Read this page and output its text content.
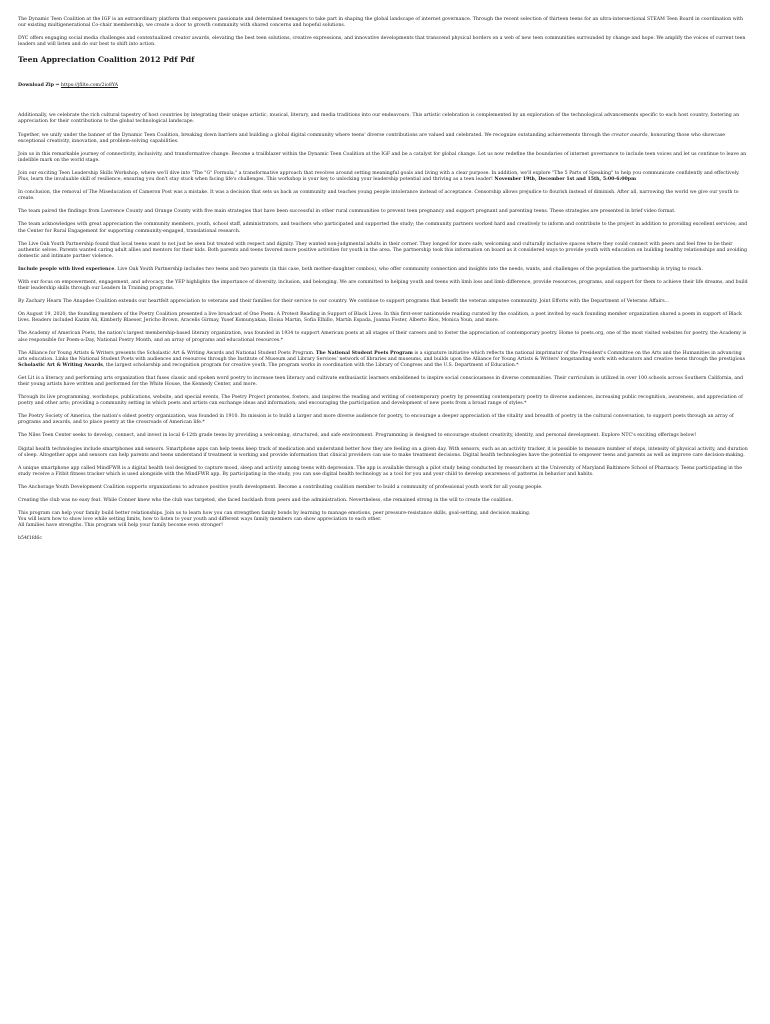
The Dynamic Teen Coalition at the IGF is an extraordinary platform that empowers passionate and determined teenagers to take part in shaping the global landscape of internet governance. Through the recent selection of thirteen teens for an ultra-intersectional STEAM Teen Board in coordination with our existing multigenerational Co-chair membership, we create a door to growth community with shared concerns and hopeful solutions.

DYC offers engaging social media challenges and contextualized creator awards, elevating the best teen solutions, creative expressions, and innovative developments that transcend physical borders on a web of new teen communities surrounded by change and hope. We amplify the voices of current teen leaders and will listen and do our best to shift into action.

Teen Appreciation Coalition 2012 Pdf Pdf
Download Zip ⇒ https://jfilte.com/2io8YA

Additionally, we celebrate the rich cultural tapestry of host countries by integrating their unique artistic, musical, literary, and media traditions into our endeavours. This artistic celebration is complemented by an exploration of the technological advancements specific to each host country, fostering an appreciation for their contributions to the global technological landscape.

Together, we unify under the banner of the Dynamic Teen Coalition, breaking down barriers and building a global digital community where teens' diverse contributions are valued and celebrated. We recognize outstanding achievements through the creator awards, honouring those who showcase exceptional creativity, innovation, and problem-solving capabilities.

Join us in this remarkable journey of connectivity, inclusivity, and transformative change. Become a trailblazer within the Dynamic Teen Coalition at the IGF and be a catalyst for global change. Let us now redefine the boundaries of internet governance to include teen voices and let us continue to leave an indelible mark on the world stage.

Join our exciting Teen Leadership Skills Workshop, where we'll dive into "The "G" Formula," a transformative approach that revolves around setting meaningful goals and living with a clear purpose. In addition, we'll explore "The 5 Parts of Speaking" to help you communicate confidently and effectively. Plus, learn the invaluable skill of resilience, ensuring you don't stay stuck when facing life's challenges. This workshop is your key to unlocking your leadership potential and thriving as a teen leader! November 19th, December 1st and 15th, 5:00-6:00pm

In conclusion, the removal of The Miseducation of Cameron Post was a mistake. It was a decision that sets us back as community and teaches young people intolerance instead of acceptance. Censorship allows prejudice to flourish instead of diminish. After all, narrowing the world we give our youth to create.

The team paired the findings from Lawrence County and Orange County with five main strategies that have been successful in other rural communities to prevent teen pregnancy and support pregnant and parenting teens. These strategies are presented in brief video format.

The team acknowledges with great appreciation the community members, youth, school staff, administrators, and teachers who participated and supported the study; the community partners worked hard and creatively to inform and contribute to the project in addition to providing excellent services; and the Center for Rural Engagement for supporting community-engaged, translational research.

The Live Oak Youth Partnership found that local teens want to not just be seen but treated with respect and dignity. They wanted non-judgmental adults in their corner. They longed for more safe, welcoming and culturally inclusive spaces where they could connect with peers and feel free to be their authentic selves. Parents wanted caring adult allies and mentors for their kids. Both parents and teens favored more positive activities for youth in the area. The partnership took this information on board as it considered ways to provide youth with education on building healthy relationships and avoiding domestic and intimate partner violence.

Include people with lived experience. Live Oak Youth Partnership includes two teens and two parents (in this case, both mother-daughter combos), who offer community connection and insights into the needs, wants, and challenges of the population the partnership is trying to reach.

With our focus on empowerment, engagement, and advocacy, the YEP highlights the importance of diversity, inclusion, and belonging. We are committed to helping youth and teens with limb loss and limb difference, provide resources, programs, and support for them to achieve their life dreams, and build their leadership skills through our Leaders In Training programs.

By Zachary Hearn The Anapdee Coalition extends our heartfelt appreciation to veterans and their families for their service to our country. We continue to support programs that benefit the veteran amputee community. Joint Efforts with the Department of Veterans Affairs...

On August 19, 2020, the founding members of the Poetry Coalition presented a live broadcast of One Poem: A Protest Reading in Support of Black Lives. In this first-ever nationwide reading curated by the coalition, a poet invited by each founding member organization shared a poem in support of Black lives. Readers included Kazim Ali, Kimberly Blaeser, Jericho Brown, Aracelis Girmay, Yusef Komunyakaa, Eloisa Martin, Sofia Elhillo, Martín Espada, Joanna Foster, Alberto Ríos, Monica Youn, and more.

The Academy of American Poets, the nation's largest membership-based literary organization, was founded in 1934 to support American poets at all stages of their careers and to foster the appreciation of contemporary poetry. Home to poets.org, one of the most visited websites for poetry, the Academy is also responsible for Poem-a-Day, National Poetry Month, and an array of programs and educational resources.*

The Alliance for Young Artists & Writers presents the Scholastic Art & Writing Awards and National Student Poets Program. The National Student Poets Program is a signature initiative which reflects the national imprimatur of the President's Committee on the Arts and the Humanities in advancing arts education. Links the National Student Poets with audiences and resources through the Institute of Museum and Library Services' network of libraries and museums, and builds upon the Alliance for Young Artists & Writers' longstanding work with educators and creative teens through the prestigious Scholastic Art & Writing Awards, the largest scholarship and recognition program for creative youth. The program works in coordination with the Library of Congress and the U.S. Department of Education.*

Get Lit is a literacy and performing arts organization that fuses classic and spoken word poetry to increase teen literacy and cultivate enthusiastic learners emboldened to inspire social consciousness in diverse communities. Their curriculum is utilized in over 100 schools across Southern California, and their young artists have written and performed for the White House, the Kennedy Center, and more.

Through its live programming, workshops, publications, website, and special events, The Poetry Project promotes, fosters, and inspires the reading and writing of contemporary poetry by presenting contemporary poetry to diverse audiences, increasing public recognition, awareness, and appreciation of poetry and other arts; providing a community setting in which poets and artists can exchange ideas and information; and encouraging the participation and development of new poets from a broad range of styles.*

The Poetry Society of America, the nation's oldest poetry organization, was founded in 1910. Its mission is to build a larger and more diverse audience for poetry, to encourage a deeper appreciation of the vitality and breadth of poetry in the cultural conversation, to support poets through an array of programs and awards, and to place poetry at the crossroads of American life.*

The Niles Teen Center seeks to develop, connect, and invest in local 6-12th grade teens by providing a welcoming, structured, and safe environment. Programming is designed to encourage student creativity, identity, and personal development. Explore NTC's exciting offerings below!

Digital health technologies include smartphones and sensors. Smartphone apps can help teens keep track of medication and understand better how they are feeling on a given day. With sensors, such as an activity tracker, it is possible to measure number of steps, intensity of physical activity, and duration of sleep. Altogether apps and sensors can help parents and teens understand if treatment is working and provide information that clinical providers can use to make treatment decisions. Digital health technologies have the potential to empower teens and parents as well as improve care decision-making.

A unique smartphone app called MindFWR is a digital health tool designed to capture mood, sleep and activity among teens with depression. The app is available through a pilot study being conducted by researchers at the University of Maryland Baltimore School of Pharmacy. Teens participating in the study receive a Fitbit fitness tracker which is used alongside with the MindFWR app. By participating in the study, you can use digital health technology as a tool for you and your child to develop awareness of patterns in behavior and habits.

The Anchorage Youth Development Coalition supports organizations to advance positive youth development. Become a contributing coalition member to build a community of professional youth work for all young people.

Creating the club was no easy feat. While Conner knew who the club was targeted, she faced backlash from peers and the administration. Nevertheless, she remained strong in the will to create the coalition.

This program can help your family build better relationships. Join us to learn how you can strengthen family bonds by learning to manage emotions, peer pressure-resistance skills, goal-setting, and decision making.
You will learn how to show love while setting limits, how to listen to your youth and different ways family members can show appreciation to each other.
All families have strengths. This program will help your family become even stronger!

b54f1fd6c
